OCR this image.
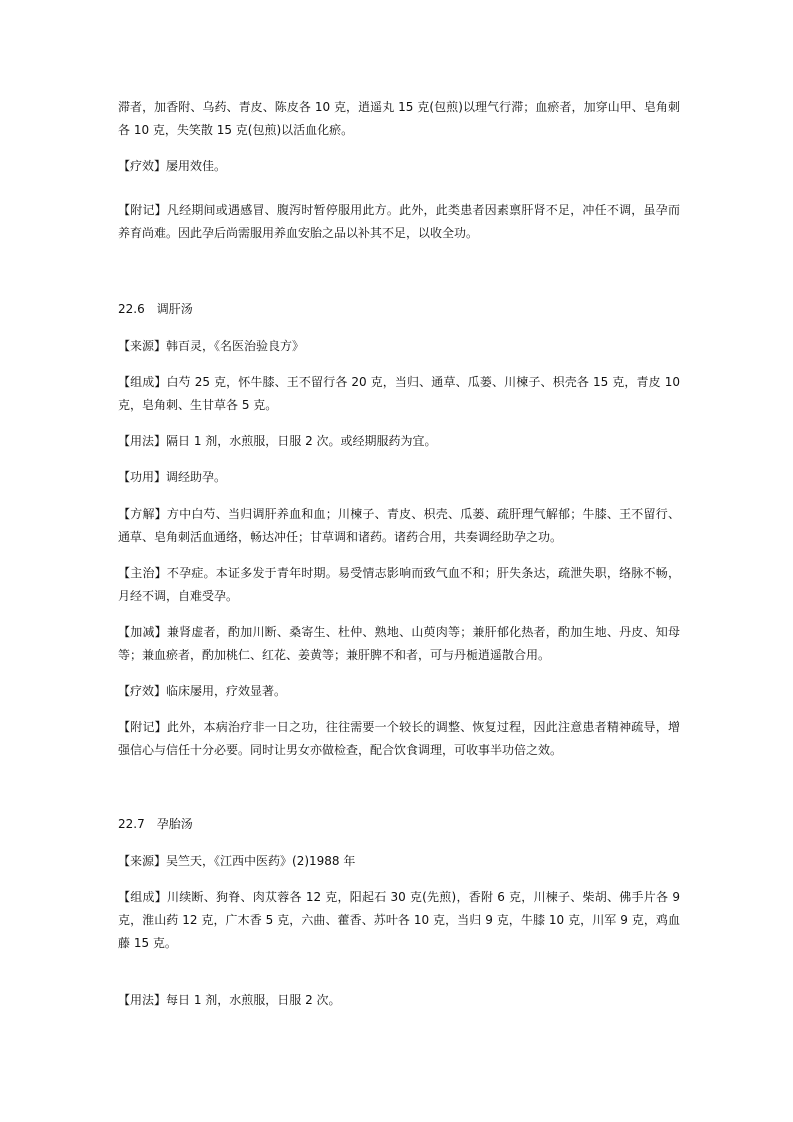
滞者，加香附、乌药、青皮、陈皮各 10 克，逍遥丸 15 克(包煎)以理气行滞；血瘀者，加穿山甲、皂角刺各 10 克，失笑散 15 克(包煎)以活血化瘀。

【疗效】屡用效佳。

【附记】凡经期间或遇感冒、腹泻时暂停服用此方。此外，此类患者因素禀肝肾不足，冲任不调，虽孕而养育尚难。因此孕后尚需服用养血安胎之品以补其不足，以收全功。

22.6 调肝汤

【来源】韩百灵，《名医治验良方》

【组成】白芍 25 克，怀牛膝、王不留行各 20 克，当归、通草、瓜蒌、川楝子、枳壳各 15 克，青皮 10 克，皂角刺、生甘草各 5 克。

【用法】隔日 1 剂，水煎服，日服 2 次。或经期服药为宜。

【功用】调经助孕。

【方解】方中白芍、当归调肝养血和血；川楝子、青皮、枳壳、瓜蒌、疏肝理气解郁；牛膝、王不留行、通草、皂角刺活血通络，畅达冲任；甘草调和诸药。诸药合用，共奏调经助孕之功。

【主治】不孕症。本证多发于青年时期。易受情志影响而致气血不和；肝失条达，疏泄失职，络脉不畅，月经不调，自难受孕。

【加减】兼肾虚者，酌加川断、桑寄生、杜仲、熟地、山萸肉等；兼肝郁化热者，酌加生地、丹皮、知母等；兼血瘀者，酌加桃仁、红花、姜黄等；兼肝脾不和者，可与丹栀逍遥散合用。

【疗效】临床屡用，疗效显著。

【附记】此外，本病治疗非一日之功，往往需要一个较长的调整、恢复过程，因此注意患者精神疏导，增强信心与信任十分必要。同时让男女亦做检查，配合饮食调理，可收事半功倍之效。

22.7 孕胎汤

【来源】吴竺天，《江西中医药》(2)1988 年

【组成】川续断、狗脊、肉苁蓉各 12 克，阳起石 30 克(先煎)，香附 6 克，川楝子、柴胡、佛手片各 9 克，淮山药 12 克，广木香 5 克，六曲、藿香、苏叶各 10 克，当归 9 克，牛膝 10 克，川军 9 克，鸡血藤 15 克。

【用法】每日 1 剂，水煎服，日服 2 次。
